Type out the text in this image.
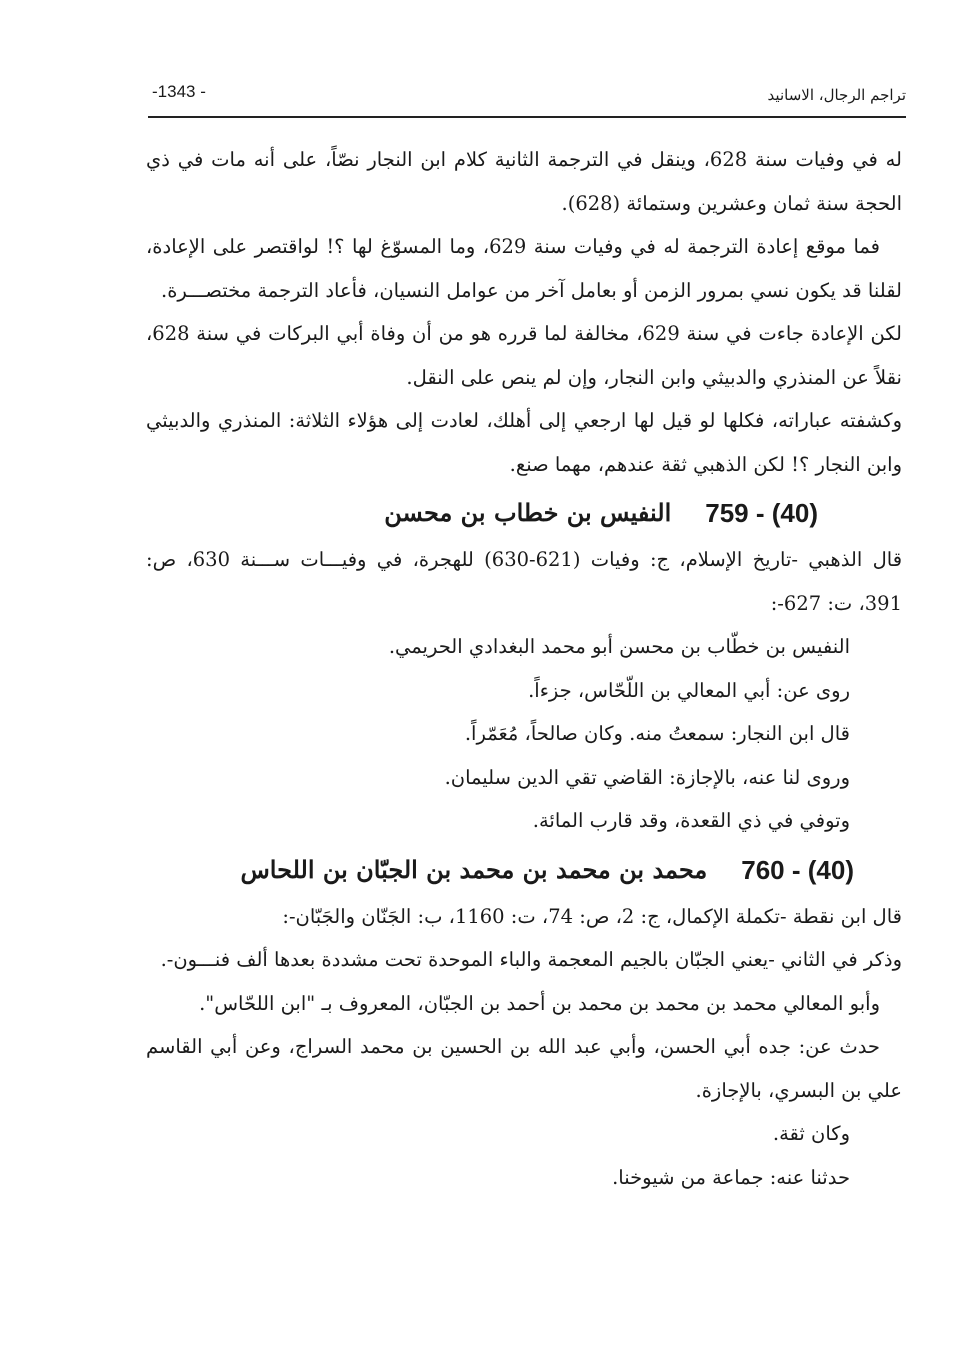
تراجم الرجال، الاسانيد
-1343 -

له في وفيات سنة 628، وينقل في الترجمة الثانية كلام ابن النجار نصّاً، على أنه مات في ذي الحجة سنة ثمان وعشرين وستمائة (628).

فما موقع إعادة الترجمة له في وفيات سنة 629، وما المسوّغ لها ؟! لواقتصر على الإعادة، لقلنا قد يكون نسي بمرور الزمن أو بعامل آخر من عوامل النسيان، فأعاد الترجمة مختصـــرة.

لكن الإعادة جاءت في سنة 629، مخالفة لما قرره هو من أن وفاة أبي البركات في سنة 628، نقلاً عن المنذري والدبيثي وابن النجار، وإن لم ينص على النقل.

وكشفته عباراته، فكلها لو قيل لها ارجعي إلى أهلك، لعادت إلى هؤلاء الثلاثة: المنذري والدبيثي وابن النجار ؟! لكن الذهبي ثقة عندهم، مهما صنع.

759 - (40)
النفيس بن خطاب بن محسن

قال الذهبي -تاريخ الإسلام، ج: وفيات (621-630) للهجرة، في وفيـــات ســـنة 630، ص: 391، ت: 627-:

النفيس بن خطّاب بن محسن أبو محمد البغدادي الحريمي.

روى عن: أبي المعالي بن اللّحّاس، جزءاً.

قال ابن النجار: سمعتُ منه. وكان صالحاً، مُعَمّراً.

وروى لنا عنه، بالإجازة: القاضي تقي الدين سليمان.

وتوفي في ذي القعدة، وقد قارب المائة.

760 - (40)
محمد بن محمد بن محمد بن الجبّان بن اللحاس

قال ابن نقطة -تكملة الإكمال، ج: 2، ص: 74، ت: 1160، ب: الجَنّان والجَبّان-:

وذكر في الثاني -يعني الجبّان بالجيم المعجمة والباء الموحدة تحت مشددة بعدها ألف فنـــون-.

وأبو المعالي محمد بن محمد بن محمد بن أحمد بن الجبّان، المعروف بـ "ابن اللحّاس".

حدث عن: جده أبي الحسن، وأبي عبد الله بن الحسين بن محمد السراج، وعن أبي القاسم علي بن البسري، بالإجازة.

وكان ثقة.

حدثنا عنه: جماعة من شيوخنا.
